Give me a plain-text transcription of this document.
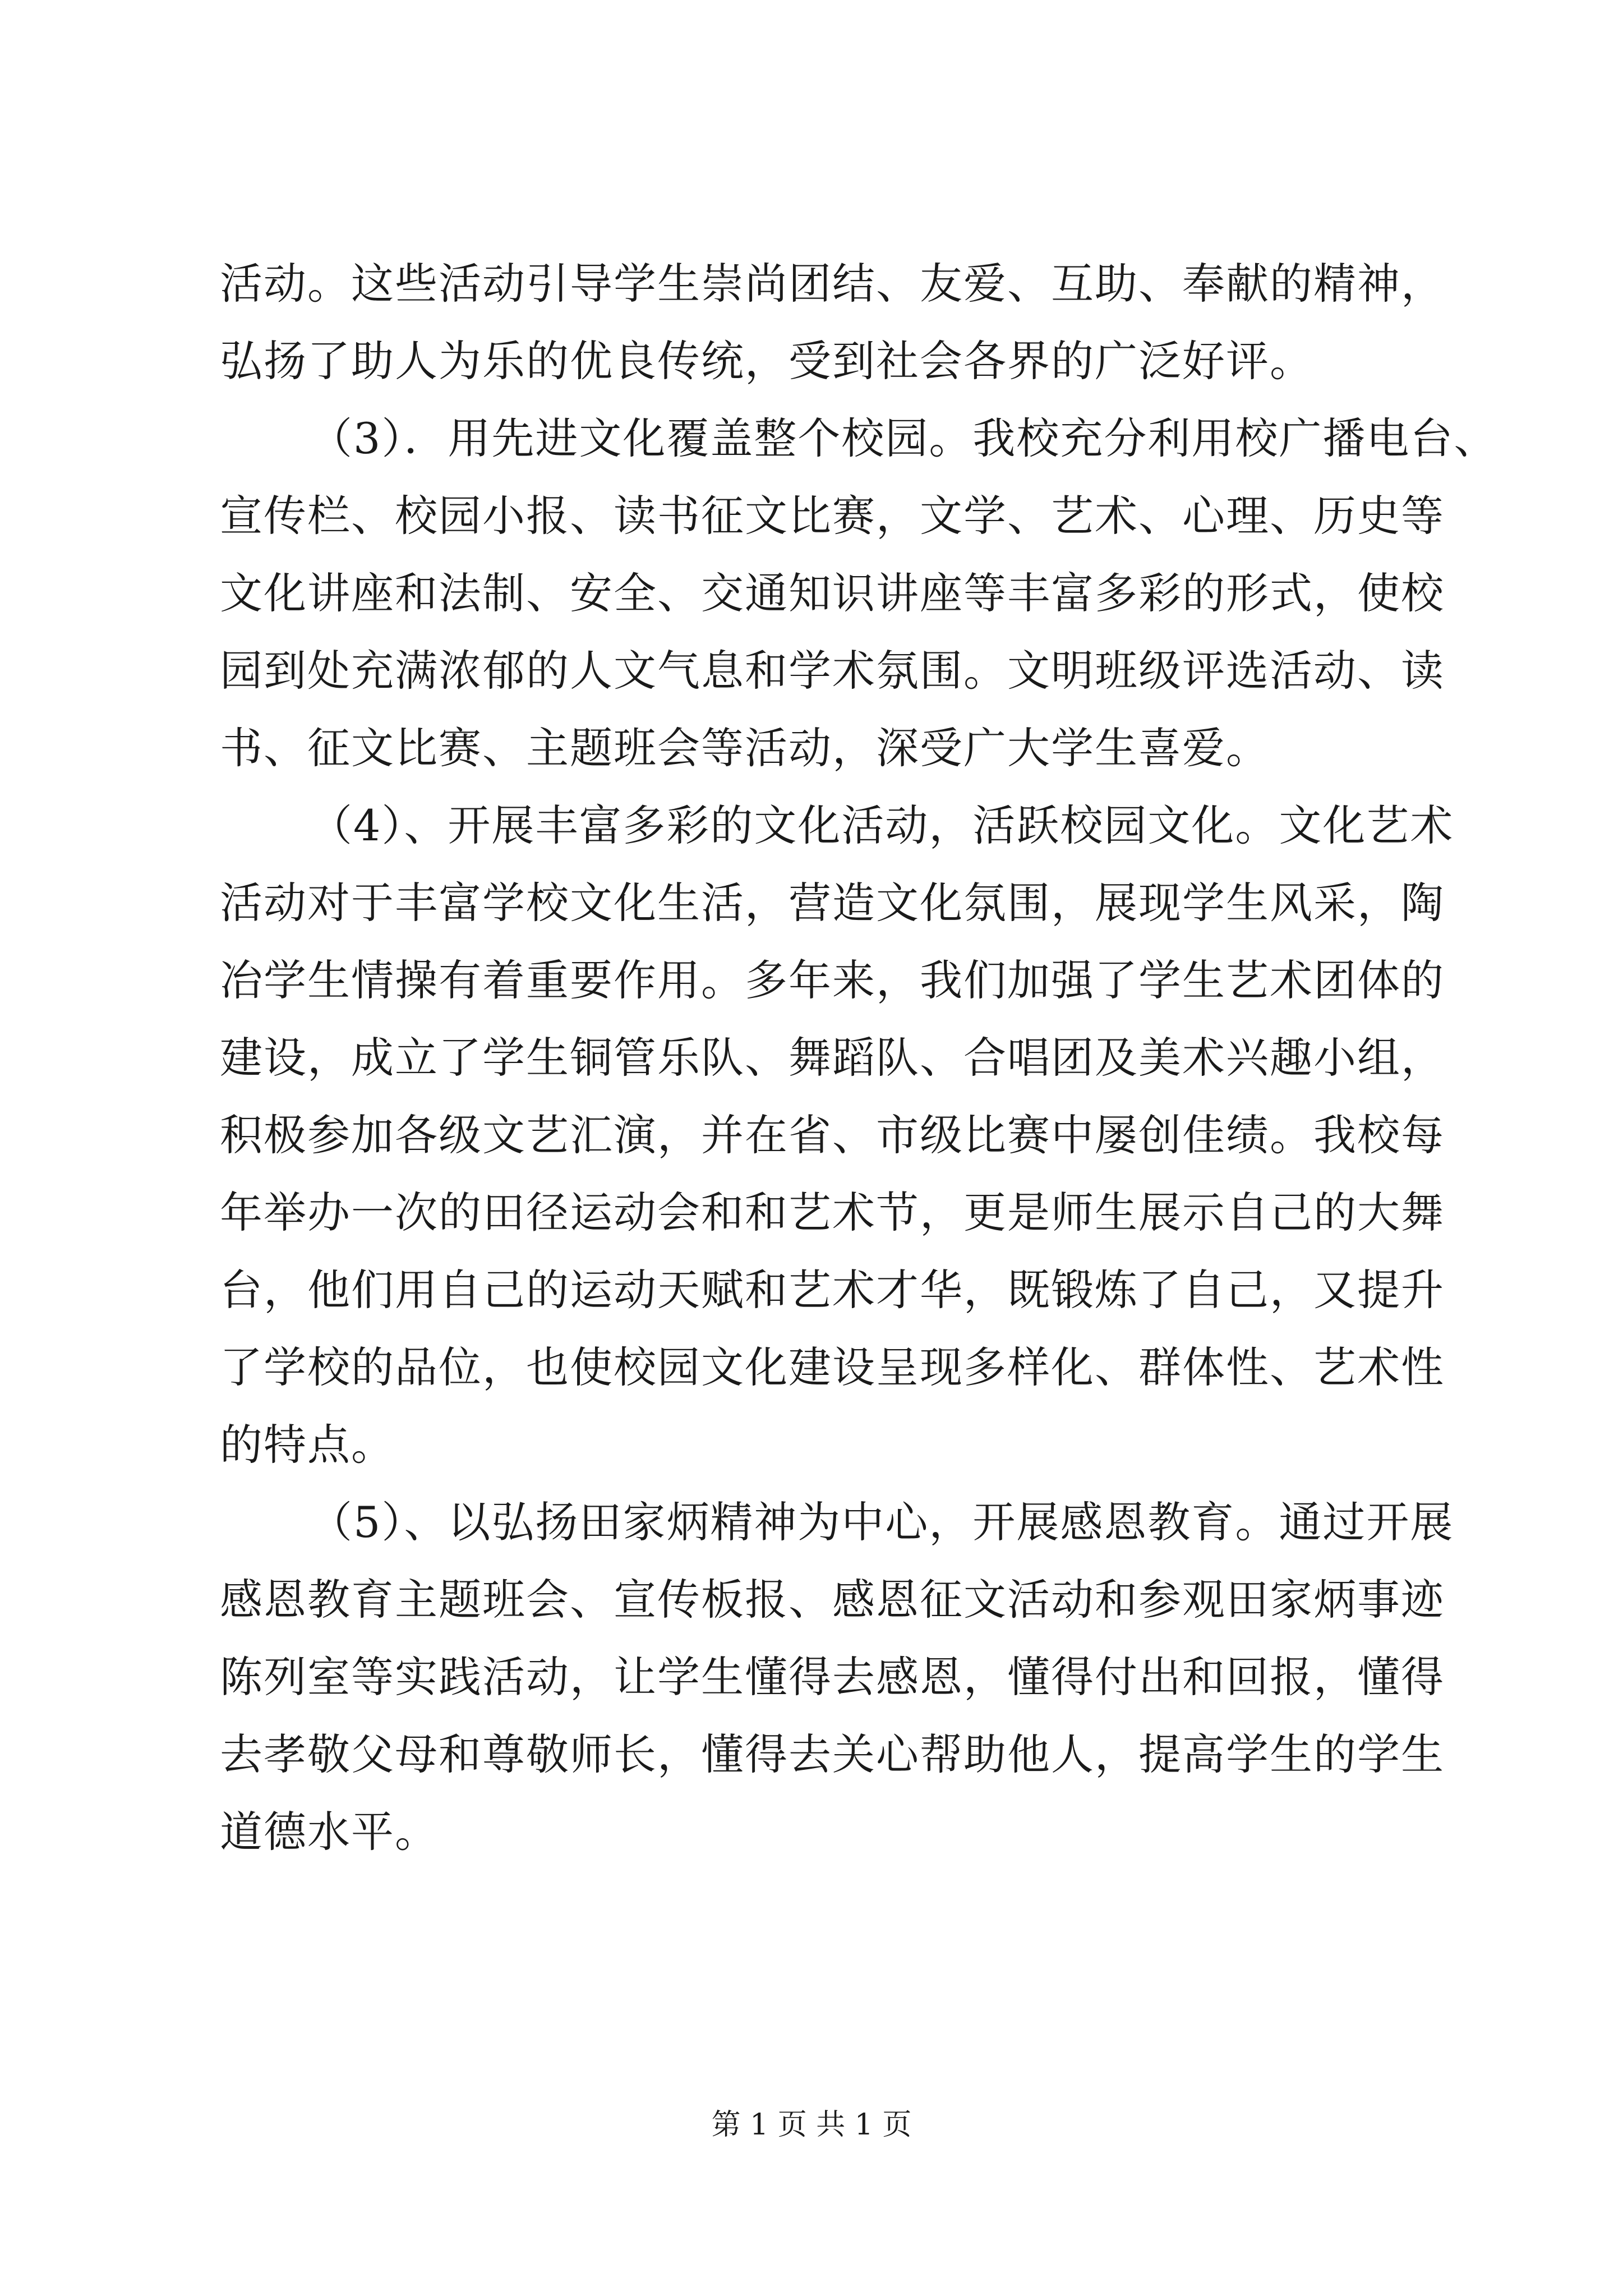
活动。这些活动引导学生崇尚团结、友爱、互助、奉献的精神，
弘扬了助人为乐的优良传统，受到社会各界的广泛好评。
（3）．用先进文化覆盖整个校园。我校充分利用校广播电台、
宣传栏、校园小报、读书征文比赛，文学、艺术、心理、历史等
文化讲座和法制、安全、交通知识讲座等丰富多彩的形式，使校
园到处充满浓郁的人文气息和学术氛围。文明班级评选活动、读
书、征文比赛、主题班会等活动，深受广大学生喜爱。
（4）、开展丰富多彩的文化活动，活跃校园文化。文化艺术
活动对于丰富学校文化生活，营造文化氛围，展现学生风采，陶
冶学生情操有着重要作用。多年来，我们加强了学生艺术团体的
建设，成立了学生铜管乐队、舞蹈队、合唱团及美术兴趣小组，
积极参加各级文艺汇演，并在省、市级比赛中屡创佳绩。我校每
年举办一次的田径运动会和和艺术节，更是师生展示自己的大舞
台，他们用自己的运动天赋和艺术才华，既锻炼了自己，又提升
了学校的品位，也使校园文化建设呈现多样化、群体性、艺术性
的特点。
（5）、以弘扬田家炳精神为中心，开展感恩教育。通过开展
感恩教育主题班会、宣传板报、感恩征文活动和参观田家炳事迹
陈列室等实践活动，让学生懂得去感恩，懂得付出和回报，懂得
去孝敬父母和尊敬师长，懂得去关心帮助他人，提高学生的学生
道德水平。
第 1 页 共 1 页
